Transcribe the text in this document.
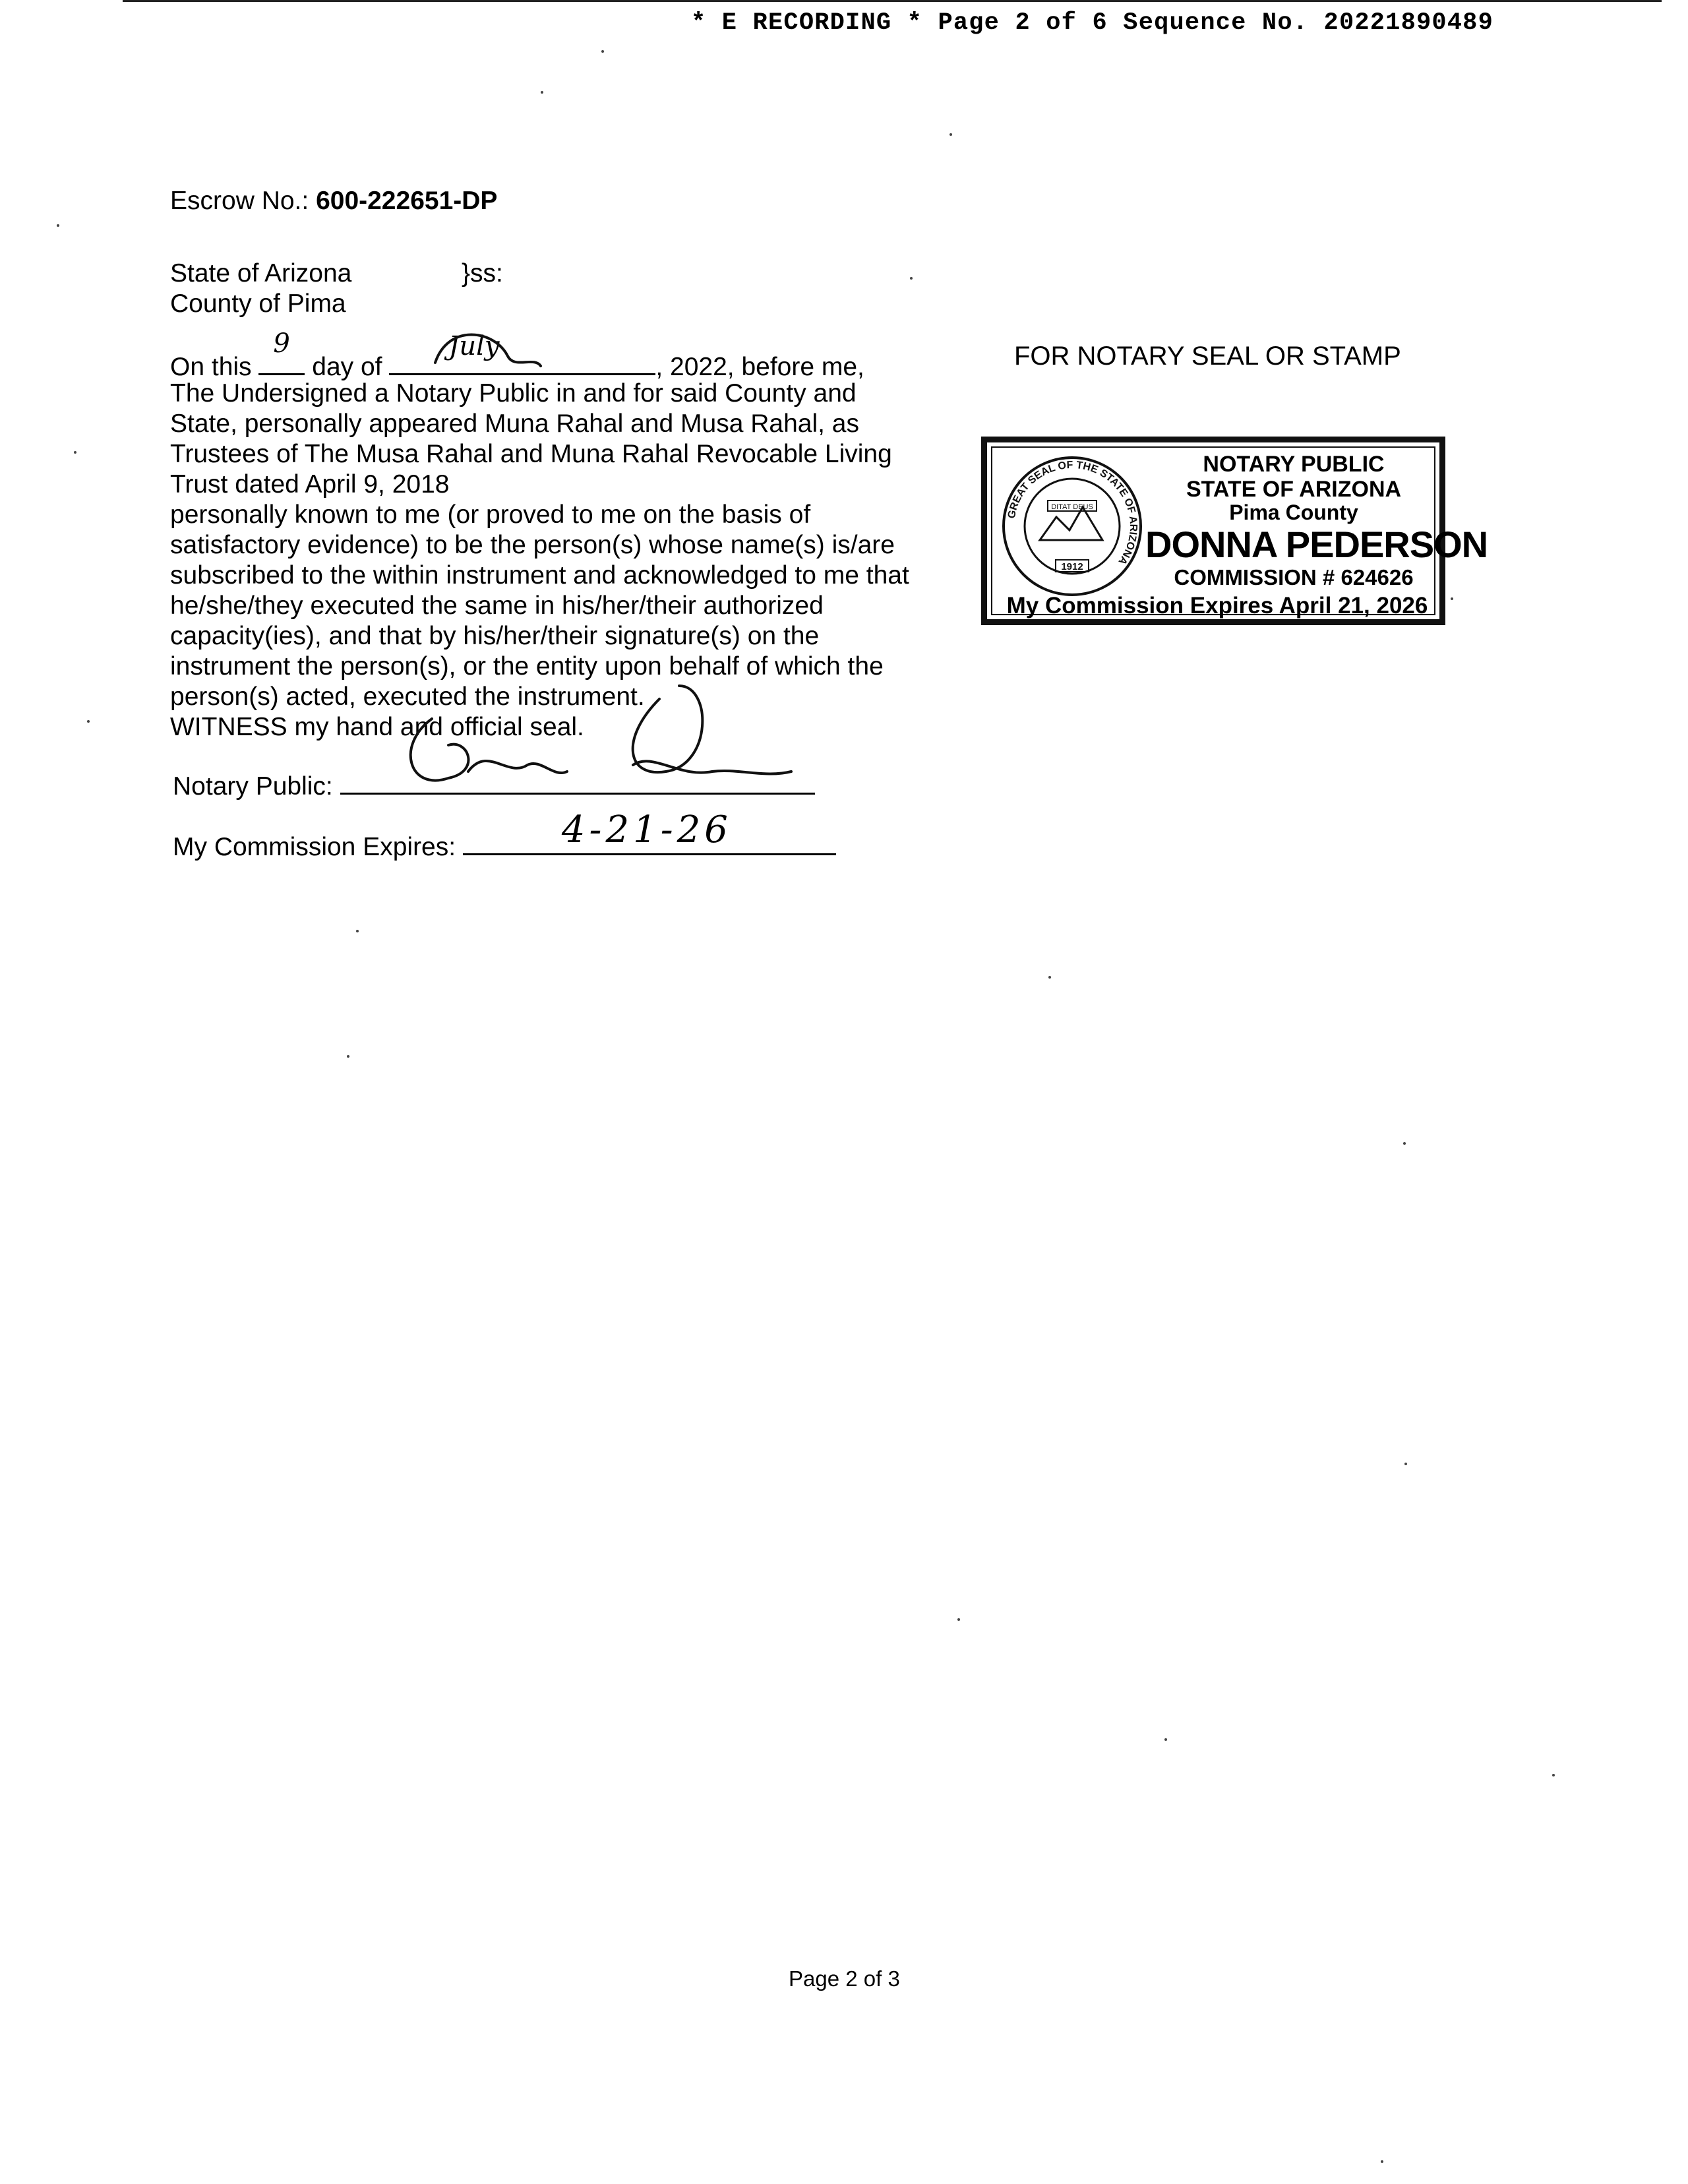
* E RECORDING * Page 2 of 6 Sequence No. 20221890489
Escrow No.: 600-222651-DP
State of Arizona	}ss:
County of Pima
On this
9
day of
July
, 2022, before me,
The Undersigned a Notary Public in and for said County and
State, personally appeared Muna Rahal and Musa Rahal, as
Trustees of The Musa Rahal and Muna Rahal Revocable Living
Trust dated April 9, 2018
personally known to me (or proved to me on the basis of
satisfactory evidence) to be the person(s) whose name(s) is/are
subscribed to the within instrument and acknowledged to me that
he/she/they executed the same in his/her/their authorized
capacity(ies), and that by his/her/their signature(s) on the
instrument the person(s), or the entity upon behalf of which the
person(s) acted, executed the instrument.
WITNESS my hand and official seal.
Notary Public:
My Commission Expires:	4-21-26
FOR NOTARY SEAL OR STAMP
GREAT SEAL OF THE STATE OF ARIZONA
DITAT DEUS
1912
NOTARY PUBLIC
STATE OF ARIZONA
Pima County
DONNA PEDERSON
COMMISSION # 624626
My Commission Expires April 21, 2026
Page 2 of 3
